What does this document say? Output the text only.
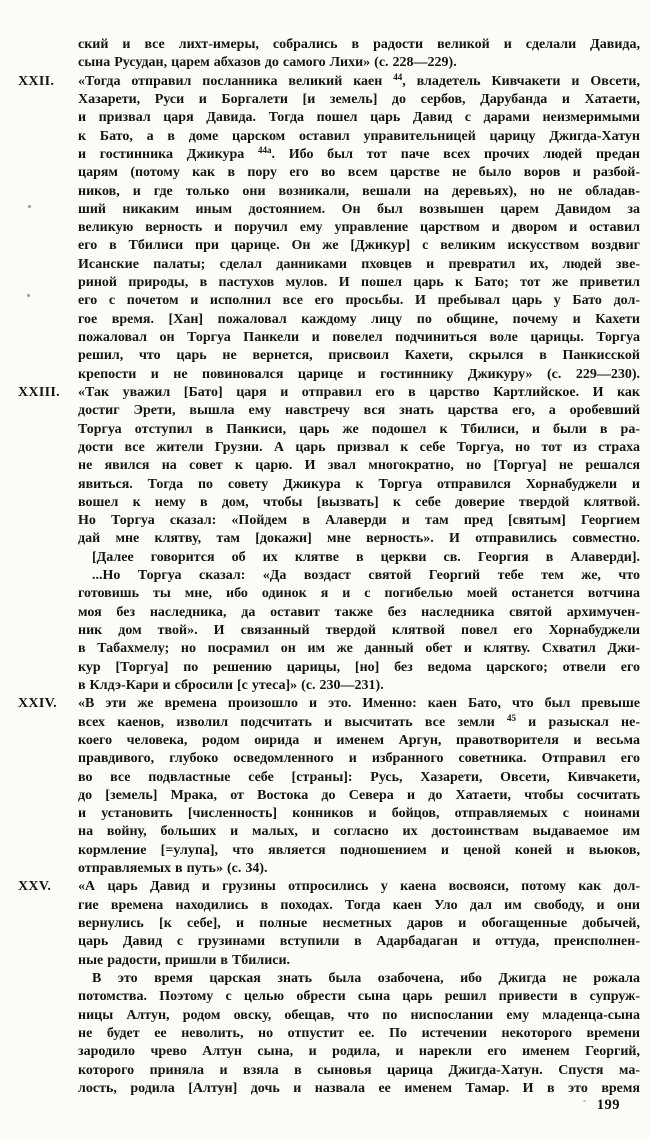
ский и все лихт-имеры, собрались в радости великой и сделали Давида,
сына Русудан, царем абхазов до самого Лихи» (с. 228—229).
XXII.	«Тогда отправил посланника великий каен $^{44}$, владетель Кивчакети и Овсети,
Хазарети, Руси и Боргалети [и земель] до сербов, Дарубанда и Хатаети,
и призвал царя Давида. Тогда пошел царь Давид с дарами неизмеримыми
к Бато, а в доме царском оставил управительницей царицу Джигда-Хатун
и гостинника Джикура $^{44а}$. Ибо был тот паче всех прочих людей предан
царям (потому как в пору его во всем царстве не было воров и разбой-
ников, и где только они возникали, вешали на деревьях), но не обладав-
ший никаким иным достоянием. Он был возвышен царем Давидом за
великую верность и поручил ему управление царством и двором и оставил
его в Тбилиси при царице. Он же [Джикур] с великим искусством воздвиг
Исанские палаты; сделал данниками пховцев и превратил их, людей зве-
риной природы, в пастухов мулов. И пошел царь к Бато; тот же приветил
его с почетом и исполнил все его просьбы. И пребывал царь у Бато дол-
гое время. [Хан] пожаловал каждому лицу по общине, почему и Кахети
пожаловал он Торгуа Панкели и повелел подчиниться воле царицы. Торгуа
решил, что царь не вернется, присвоил Кахети, скрылся в Панкисской
крепости и не повиновался царице и гостиннику Джикуру» (с. 229—230).
XXIII.	«Так уважил [Бато] царя и отправил его в царство Картлийское. И как
достиг Эрети, вышла ему навстречу вся знать царства его, а оробевший
Торгуа отступил в Панкиси, царь же подошел к Тбилиси, и были в ра-
дости все жители Грузии. А царь призвал к себе Торгуа, но тот из страха
не явился на совет к царю. И звал многократно, но [Торгуа] не решался
явиться. Тогда по совету Джикура к Торгуа отправился Хорнабуджели и
вошел к нему в дом, чтобы [вызвать] к себе доверие твердой клятвой.
Но Торгуа сказал: «Пойдем в Алаверди и там пред [святым] Георгием
дай мне клятву, там [докажи] мне верность». И отправились совместно.
[Далее говорится об их клятве в церкви св. Георгия в Алаверди].
...Но Торгуа сказал: «Да воздаст святой Георгий тебе тем же, что
готовишь ты мне, ибо одинок я и с погибелью моей останется вотчина
моя без наследника, да оставит также без наследника святой архимучен-
ник дом твой». И связанный твердой клятвой повел его Хорнабуджели
в Табахмелу; но посрамил он им же данный обет и клятву. Схватил Джи-
кур [Торгуа] по решению царицы, [но] без ведома царского; отвели его
в Клдэ-Кари и сбросили [с утеса]» (с. 230—231).
XXIV.	«В эти же времена произошло и это. Именно: каен Бато, что был превыше
всех каенов, изволил подсчитать и высчитать все земли $^{45}$ и разыскал не-
коего человека, родом оирида и именем Аргун, правотворителя и весьма
правдивого, глубоко осведомленного и избранного советника. Отправил его
во все подвластные себе [страны]: Русь, Хазарети, Овсети, Кивчакети,
до [земель] Мрака, от Востока до Севера и до Хатаети, чтобы сосчитать
и установить [численность] конников и бойцов, отправляемых с ноинами
на войну, больших и малых, и согласно их достоинствам выдаваемое им
кормление [=улупа], что является подношением и ценой коней и вьюков,
отправляемых в путь» (с. 34).
XXV.	«А царь Давид и грузины отпросились у каена восвояси, потому как дол-
гие времена находились в походах. Тогда каен Уло дал им свободу, и они
вернулись [к себе], и полные несметных даров и обогащенные добычей,
царь Давид с грузинами вступили в Адарбадаган и оттуда, преисполнен-
ные радости, пришли в Тбилиси.
В это время царская знать была озабочена, ибо Джигда не рожала
потомства. Поэтому с целью обрести сына царь решил привести в супруж-
ницы Алтун, родом овску, обещав, что по ниспослании ему младенца-сына
не будет ее неволить, но отпустит ее. По истечении некоторого времени
зародило чрево Алтун сына, и родила, и нарекли его именем Георгий,
которого приняла и взяла в сыновья царица Джигда-Хатун. Спустя ма-
лость, родила [Алтун] дочь и назвала ее именем Тамар. И в это время
199
